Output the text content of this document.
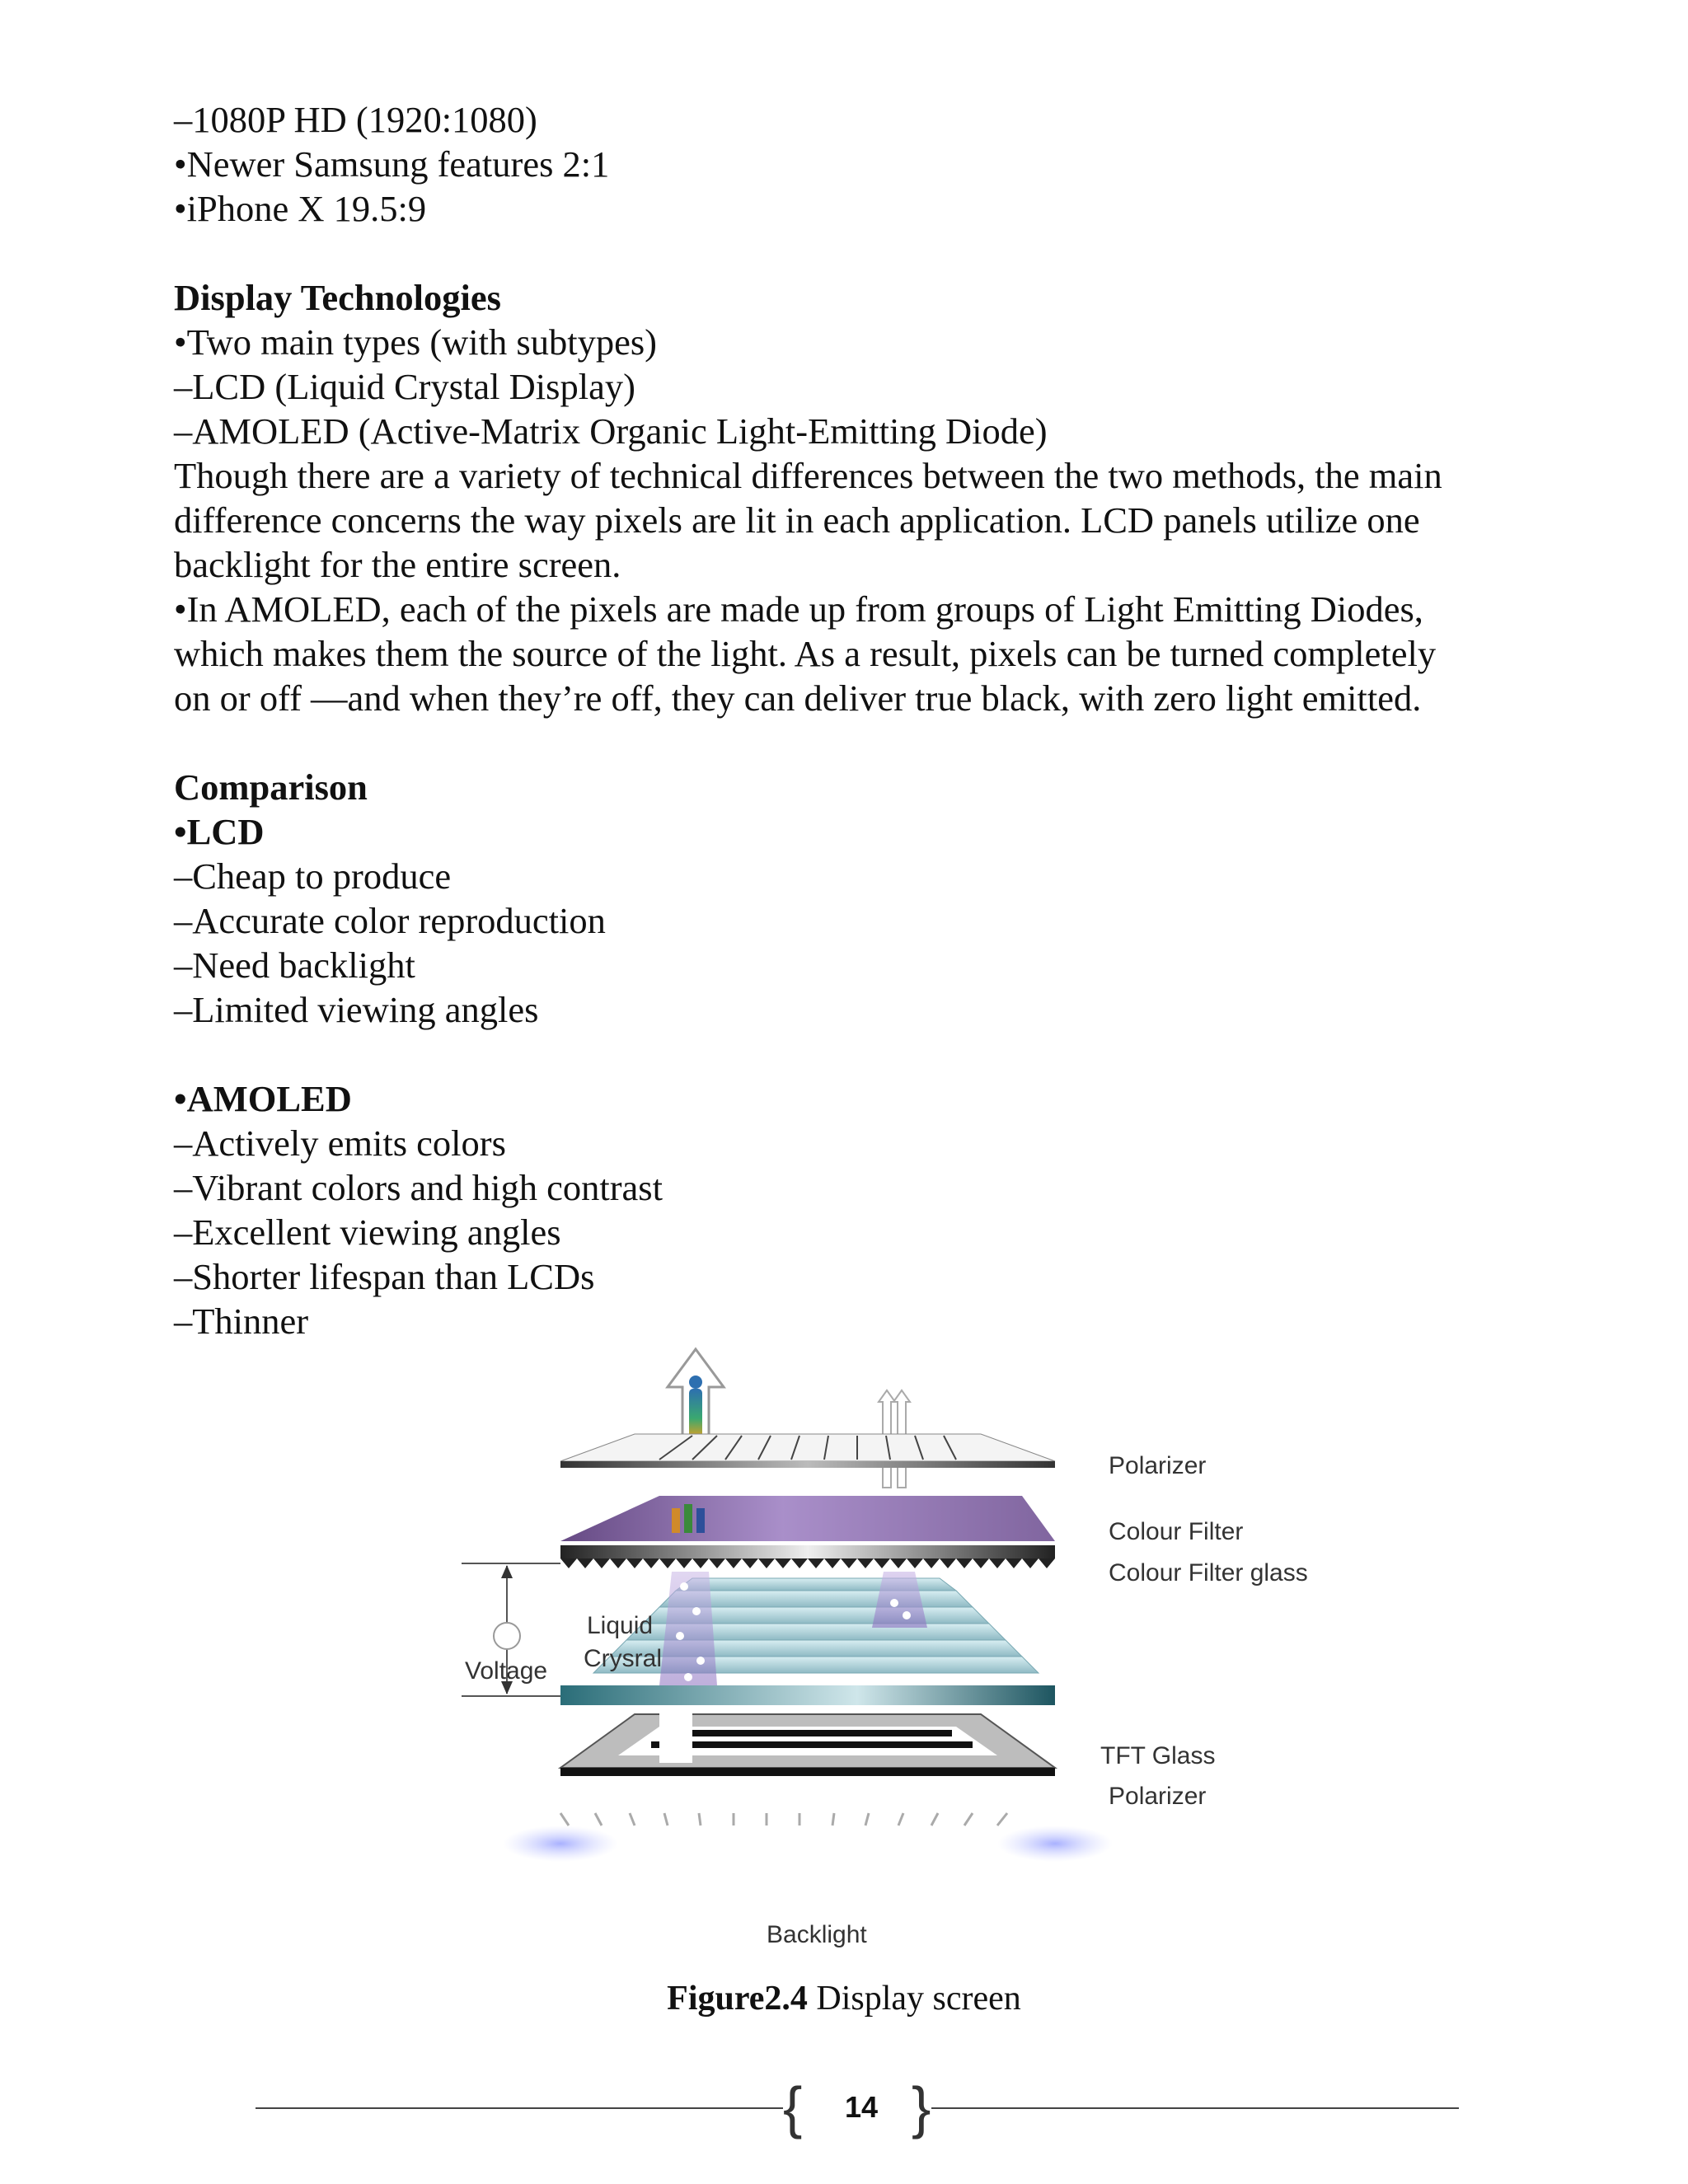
–1080P HD (1920:1080)
•Newer Samsung features 2:1
•iPhone X 19.5:9
Display Technologies
•Two main types (with subtypes)
–LCD (Liquid Crystal Display)
–AMOLED (Active-Matrix Organic Light-Emitting Diode)
Though there are a variety of technical differences between the two methods, the main
difference concerns the way pixels are lit in each application. LCD panels utilize one
backlight for the entire screen.
•In AMOLED, each of the pixels are made up from groups of Light Emitting Diodes,
which makes them the source of the light. As a result, pixels can be turned completely
on or off —and when they’re off, they can deliver true black, with zero light emitted.
Comparison
•LCD
–Cheap to produce
–Accurate color reproduction
–Need backlight
–Limited viewing angles
•AMOLED
–Actively emits colors
–Vibrant colors and high contrast
–Excellent viewing angles
–Shorter lifespan than LCDs
–Thinner
Polarizer
Colour Filter
Colour Filter glass
Liquid
Crysral
Voltage
TFT Glass
Polarizer
Backlight
Figure2.4 Display screen
{	14 }
